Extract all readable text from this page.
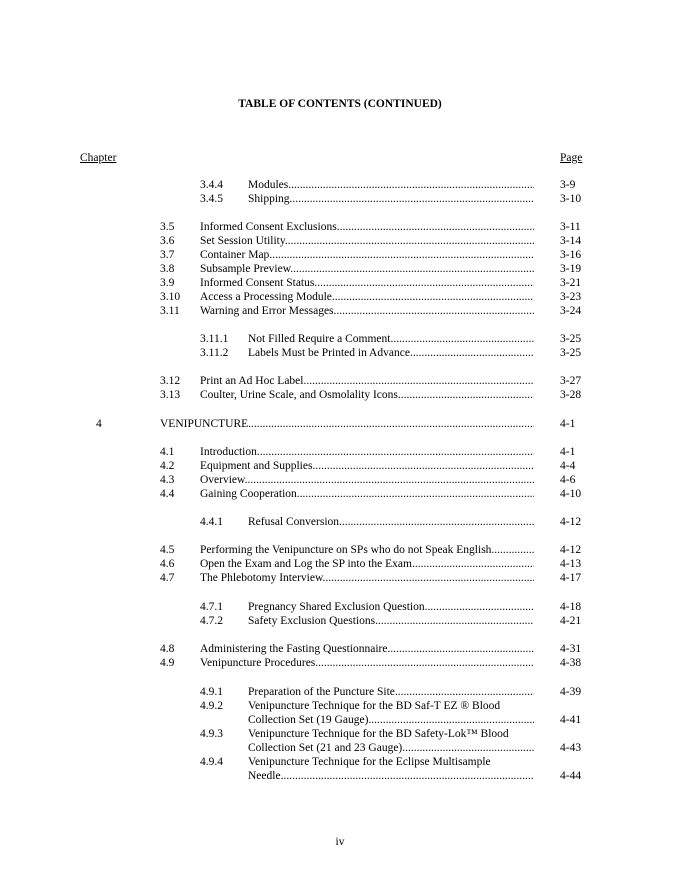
TABLE OF CONTENTS (CONTINUED)
Chapter	Page
3.4.4 Modules .....	3-9
3.4.5 Shipping .....	3-10
3.5 Informed Consent Exclusions .....	3-11
3.6 Set Session Utility .....	3-14
3.7 Container Map .....	3-16
3.8 Subsample Preview .....	3-19
3.9 Informed Consent Status .....	3-21
3.10 Access a Processing Module .....	3-23
3.11 Warning and Error Messages .....	3-24
3.11.1 Not Filled Require a Comment .....	3-25
3.11.2 Labels Must be Printed in Advance .....	3-25
3.12 Print an Ad Hoc Label .....	3-27
3.13 Coulter, Urine Scale, and Osmolality Icons .....	3-28
4	VENIPUNCTURE .....	4-1
4.1 Introduction .....	4-1
4.2 Equipment and Supplies .....	4-4
4.3 Overview .....	4-6
4.4 Gaining Cooperation .....	4-10
4.4.1 Refusal Conversion .....	4-12
4.5 Performing the Venipuncture on SPs who do not Speak English .....	4-12
4.6 Open the Exam and Log the SP into the Exam .....	4-13
4.7 The Phlebotomy Interview .....	4-17
4.7.1 Pregnancy Shared Exclusion Question .....	4-18
4.7.2 Safety Exclusion Questions .....	4-21
4.8 Administering the Fasting Questionnaire .....	4-31
4.9 Venipuncture Procedures .....	4-38
4.9.1 Preparation of the Puncture Site .....	4-39
4.9.2 Venipuncture Technique for the BD Saf-T EZ ® Blood
Collection Set (19 Gauge) .....	4-41
4.9.3 Venipuncture Technique for the BD Safety-Lok™ Blood
Collection Set (21 and 23 Gauge) .....	4-43
4.9.4 Venipuncture Technique for the Eclipse Multisample
Needle .....	4-44
iv
